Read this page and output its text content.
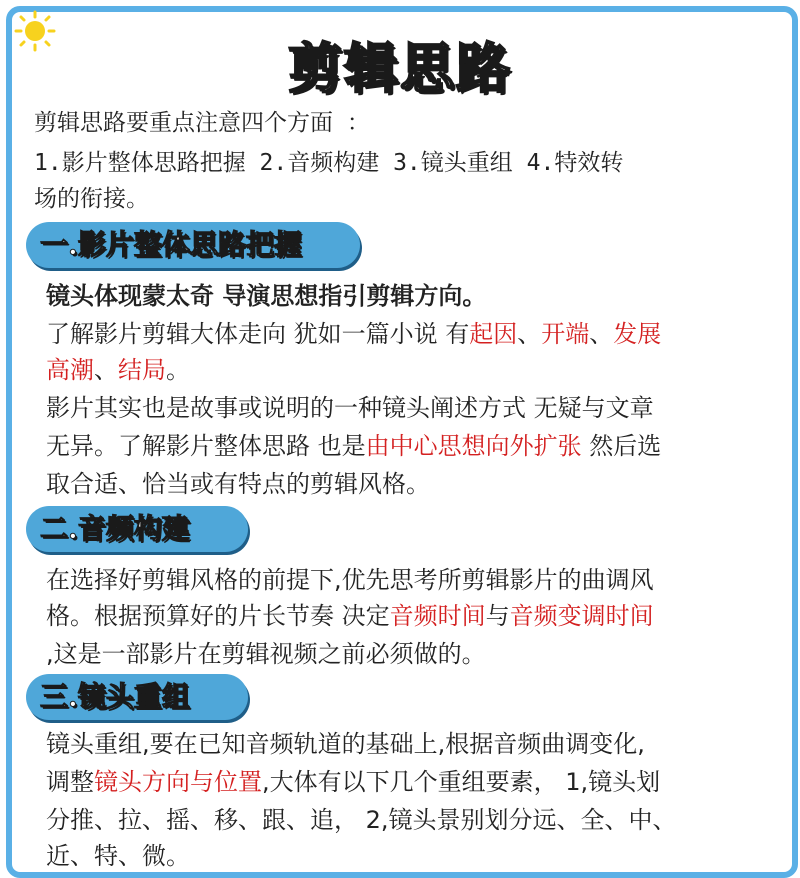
剪辑思路
剪辑思路要重点注意四个方面 ：
1.影片整体思路把握 2.音频构建 3.镜头重组 4.特效转
场的衔接。
一.影片整体思路把握
镜头体现蒙太奇 导演思想指引剪辑方向。
了解影片剪辑大体走向 犹如一篇小说 有起因、开端、发展
高潮、结局。
影片其实也是故事或说明的一种镜头阐述方式 无疑与文章
无异。了解影片整体思路 也是由中心思想向外扩张 然后选
取合适、恰当或有特点的剪辑风格。
二.音频构建
在选择好剪辑风格的前提下,优先思考所剪辑影片的曲调风
格。根据预算好的片长节奏 决定音频时间与音频变调时间
,这是一部影片在剪辑视频之前必须做的。
三.镜头重组
镜头重组,要在已知音频轨道的基础上,根据音频曲调变化,
调整镜头方向与位置,大体有以下几个重组要素， 1,镜头划
分推、拉、摇、移、跟、追， 2,镜头景别划分远、全、中、
近、特、微。
